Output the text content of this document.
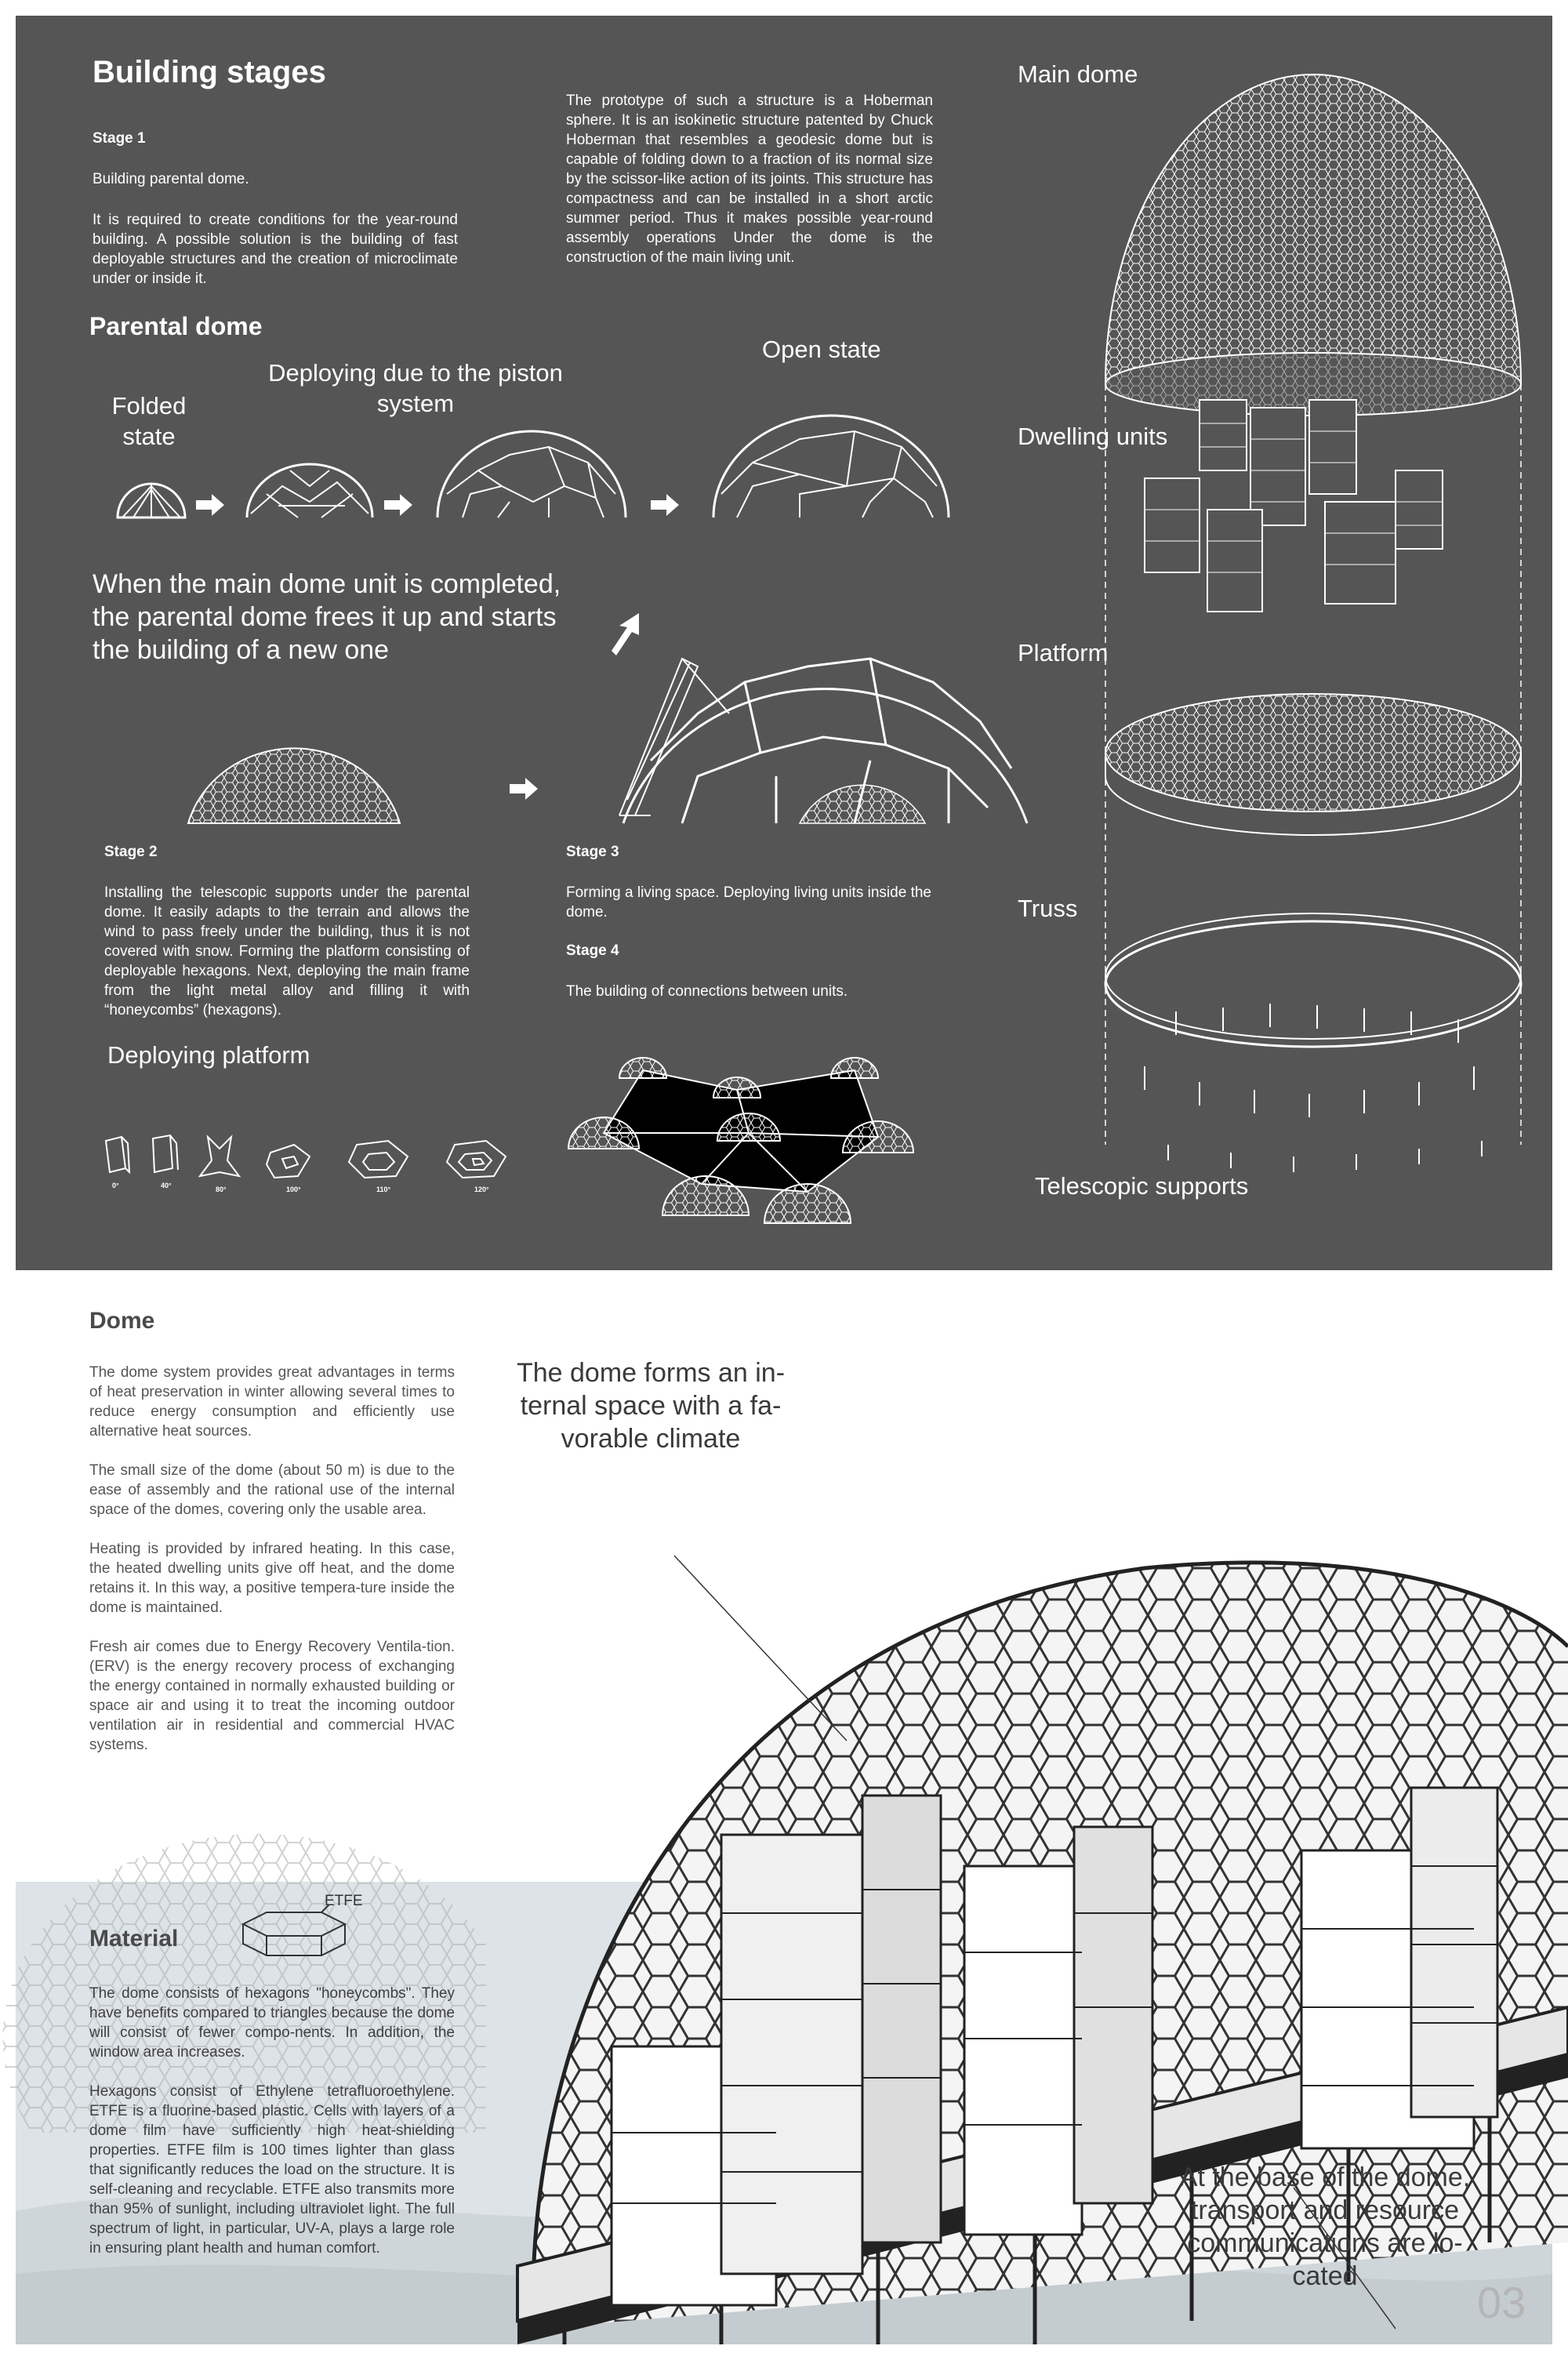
Building stages
Stage 1
Building parental dome.
It is required to create conditions for the year-round building. A possible solution is the building of fast deployable structures and the creation of microclimate under or inside it.
The prototype of such a structure is a Hoberman sphere. It is an isokinetic structure patented by Chuck Hoberman that resembles a geodesic dome but is capable of folding down to a fraction of its normal size by the scissor-like action of its joints. This structure has compactness and can be installed in a short arctic summer period. Thus it makes possible year-round assembly operations Under the dome is the construction of the main living unit.
Parental dome
Folded state
Deploying due to the piston system
Open state
When the main dome unit is completed, the parental dome frees it up and starts the building of a new one
Stage 2
Installing the telescopic supports under the parental dome. It easily adapts to the terrain and allows the wind to pass freely under the building, thus it is not covered with snow. Forming the platform consisting of deployable hexagons. Next, deploying the main frame from the light metal alloy and filling it with “honeycombs” (hexagons).
Stage 3
Forming a living space. Deploying living units inside the dome.
Stage 4
The building of connections between units.
Deploying platform
0°	40°	80°	100°	110°	120°
Main dome
Dwelling units
Platform
Truss
Telescopic supports
Dome
The dome system provides great advantages in terms of heat preservation in winter allowing several times to reduce energy consumption and efficiently use alternative heat sources.
The small size of the dome (about 50 m) is due to the ease of assembly and the rational use of the internal space of the domes, covering only the usable area.
Heating is provided by infrared heating. In this case, the heated dwelling units give off heat, and the dome retains it. In this way, a positive tempera-ture inside the dome is maintained.
Fresh air comes due to Energy Recovery Ventila-tion. (ERV) is the energy recovery process of exchanging the energy contained in normally exhausted building or space air and using it to treat the incoming outdoor ventilation air in residential and commercial HVAC systems.
The dome forms an in-ternal space with a fa-vorable climate
Material
ETFE
The dome consists of hexagons "honeycombs". They have benefits compared to triangles because the dome will consist of fewer compo-nents. In addition, the window area increases.
Hexagons consist of Ethylene tetrafluoroethylene. ETFE is a fluorine-based plastic. Cells with layers of a dome film have sufficiently high heat-shielding properties. ETFE film is 100 times lighter than glass that significantly reduces the load on the structure. It is self-cleaning and recyclable. ETFE also transmits more than 95% of sunlight, including ultraviolet light. The full spectrum of light, in particular, UV-A, plays a large role in ensuring plant health and human comfort.
At the base of the dome, transport and resource communications are lo-cated
03
